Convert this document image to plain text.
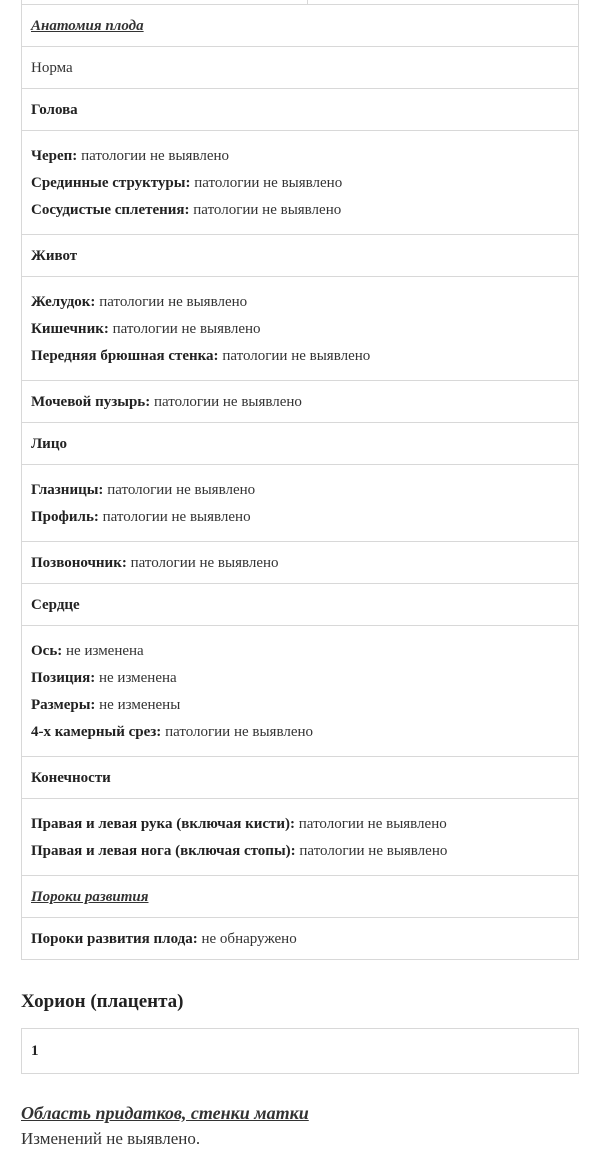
Анатомия плода
Норма
Голова

Череп: патологии не выявлено
Срединные структуры: патологии не выявлено
Сосудистые сплетения: патологии не выявлено

Живот

Желудок: патологии не выявлено
Кишечник: патологии не выявлено
Передняя брюшная стенка: патологии не выявлено

Мочевой пузырь: патологии не выявлено
Лицо

Глазницы: патологии не выявлено
Профиль: патологии не выявлено

Позвоночник: патологии не выявлено
Сердце

Ось: не изменена
Позиция: не изменена
Размеры: не изменены
4-х камерный срез: патологии не выявлено

Конечности

Правая и левая рука (включая кисти): патологии не выявлено
Правая и левая нога (включая стопы): патологии не выявлено

Пороки развития
Пороки развития плода: не обнаружено
Хорион (плацента)
1
Область придатков, стенки матки
Изменений не выявлено.
